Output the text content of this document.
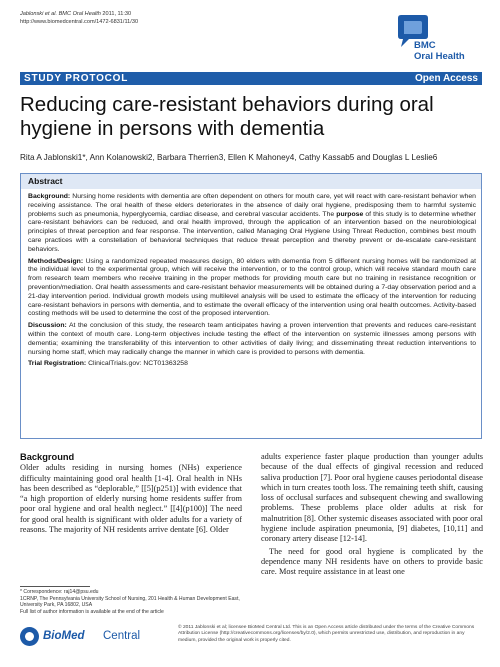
Jablonski et al. BMC Oral Health 2011, 11:30
http://www.biomedcentral.com/1472-6831/11/30
BMC
Oral Health
STUDY PROTOCOL	Open Access
Reducing care-resistant behaviors during oral hygiene in persons with dementia
Rita A Jablonski1*, Ann Kolanowski2, Barbara Therrien3, Ellen K Mahoney4, Cathy Kassab5 and Douglas L Leslie6
Abstract

Background: Nursing home residents with dementia are often dependent on others for mouth care, yet will react with care-resistant behavior when receiving assistance. The oral health of these elders deteriorates in the absence of daily oral hygiene, predisposing them to harmful systemic problems such as pneumonia, hyperglycemia, cardiac disease, and cerebral vascular accidents. The purpose of this study is to determine whether care-resistant behaviors can be reduced, and oral health improved, through the application of an intervention based on the neurobiological principles of threat perception and fear response. The intervention, called Managing Oral Hygiene Using Threat Reduction, combines best mouth care practices with a constellation of behavioral techniques that reduce threat perception and thereby prevent or de-escalate care-resistant behaviors.

Methods/Design: Using a randomized repeated measures design, 80 elders with dementia from 5 different nursing homes will be randomized at the individual level to the experimental group, which will receive the intervention, or to the control group, which will receive standard mouth care from research team members who receive training in the proper methods for providing mouth care but no training in resistance recognition or prevention/mediation. Oral health assessments and care-resistant behavior measurements will be obtained during a 7-day observation period and a 21-day intervention period. Individual growth models using multilevel analysis will be used to estimate the efficacy of the intervention for reducing care-resistant behaviors in persons with dementia, and to estimate the overall efficacy of the intervention using oral health outcomes. Activity-based costing methods will be used to determine the cost of the proposed intervention.

Discussion: At the conclusion of this study, the research team anticipates having a proven intervention that prevents and reduces care-resistant within the context of mouth care. Long-term objectives include testing the effect of the intervention on systemic illnesses among persons with dementia; examining the transferability of this intervention to other activities of daily living; and disseminating threat reduction interventions to nursing home staff, which may radically change the manner in which care is provided to persons with dementia.

Trial Registration: ClinicalTrials.gov: NCT01363258

Background

Older adults residing in nursing homes (NHs) experience difficulty maintaining good oral health [1-4]. Oral health in NHs has been described as “deplorable,” [[5](p251)] with evidence that “a high proportion of elderly nursing home residents suffer from poor oral hygiene and oral health neglect.” [[4](p100)] The need for good oral health is significant with older adults for a variety of reasons. The majority of NH residents arrive dentate [6]. Older

adults experience faster plaque production than younger adults because of the dual effects of gingival recession and reduced saliva production [7]. Poor oral hygiene causes periodontal disease which in turn creates tooth loss. The remaining teeth shift, causing loss of occlusal surfaces and subsequent chewing and swallowing problems. These problems place older adults at risk for malnutrition [8]. Other systemic diseases associated with poor oral hygiene include aspiration pneumonia, [9] diabetes, [10,11] and coronary artery disease [12-14].

The need for good oral hygiene is complicated by the dependence many NH residents have on others to provide basic care. Most require assistance in at least one

* Correspondence: raj14@psu.edu
1CRNP, The Pennsylvania University School of Nursing, 201 Health & Human Development East, University Park, PA 16802, USA
Full list of author information is available at the end of the article
BioMed Central
© 2011 Jablonski et al; licensee BioMed Central Ltd. This is an Open Access article distributed under the terms of the Creative Commons Attribution License (http://creativecommons.org/licenses/by/2.0), which permits unrestricted use, distribution, and reproduction in any medium, provided the original work is properly cited.
